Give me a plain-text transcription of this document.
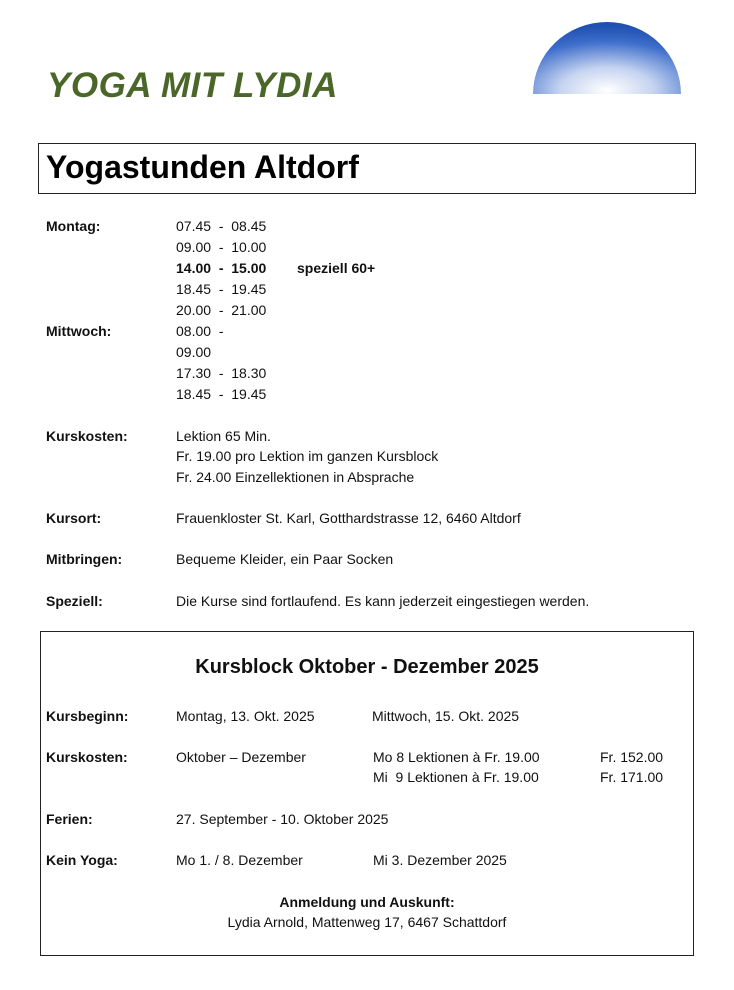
YOGA MIT LYDIA
Yogastunden Altdorf
Montag:	07.45  -  08.45
09.00  -  10.00
14.00  -  15.00 speziell 60+
18.45  -  19.45
20.00  -  21.00
Mittwoch:	08.00  -
09.00
17.30  -  18.30
18.45  -  19.45
Kurskosten:	Lektion 65 Min.
Fr. 19.00 pro Lektion im ganzen Kursblock
Fr. 24.00 Einzellektionen in Absprache
Kursort:	Frauenkloster St. Karl, Gotthardstrasse 12, 6460 Altdorf
Mitbringen:	Bequeme Kleider, ein Paar Socken
Speziell:	Die Kurse sind fortlaufend. Es kann jederzeit eingestiegen werden.
Kursblock Oktober - Dezember 2025
Kursbeginn:	Montag, 13. Okt. 2025	Mittwoch, 15. Okt. 2025
Kurskosten:	Oktober – Dezember	Mo 8 Lektionen à Fr. 19.00	Fr. 152.00
Mi  9 Lektionen à Fr. 19.00	Fr. 171.00
Ferien:	27. September - 10. Oktober 2025
Kein Yoga:	Mo 1. / 8. Dezember	Mi 3. Dezember 2025
Anmeldung und Auskunft:
Lydia Arnold, Mattenweg 17, 6467 Schattdorf
